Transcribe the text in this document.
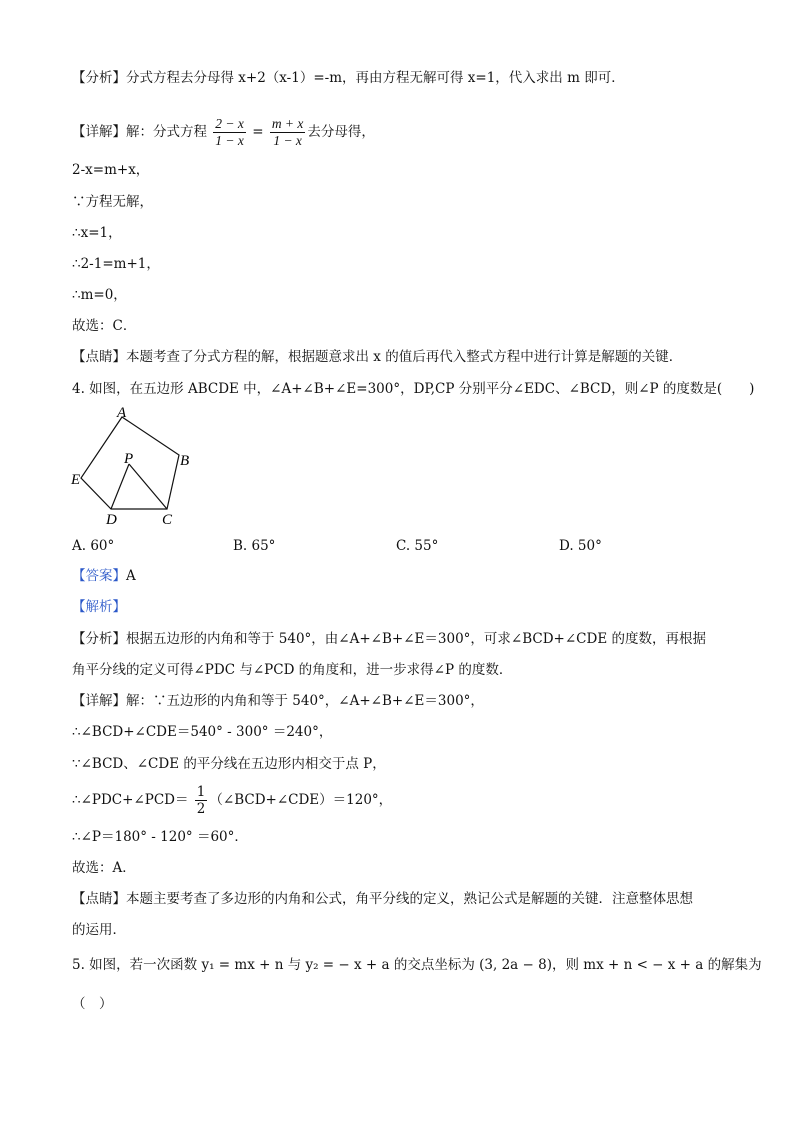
【分析】分式方程去分母得 x+2（x-1）=-m，再由方程无解可得 x=1，代入求出 m 即可．
【详解】解：分式方程 $\frac{2 - x}{1 - x} = \frac{m + x}{1 - x}$ 去分母得，
2-x=m+x，
∵方程无解，
∴x=1，
∴2-1=m+1，
∴m=0，
故选：C．
【点睛】本题考查了分式方程的解，根据题意求出 x 的值后再代入整式方程中进行计算是解题的关键．
4. 如图，在五边形 ABCDE 中，∠A+∠B+∠E=300°，DP,CP 分别平分∠EDC、∠BCD，则∠P 的度数是(　　)
A
B
C
D
E
P
A. 60°	B. 65°	C. 55°	D. 50°
【答案】A
【解析】
【分析】根据五边形的内角和等于 540°，由∠A+∠B+∠E＝300°，可求∠BCD+∠CDE 的度数，再根据
角平分线的定义可得∠PDC 与∠PCD 的角度和，进一步求得∠P 的度数．
【详解】解：∵五边形的内角和等于 540°，∠A+∠B+∠E＝300°，
∴∠BCD+∠CDE＝540° - 300° ＝240°，
∵∠BCD、∠CDE 的平分线在五边形内相交于点 P，
∴∠PDC+∠PCD＝ $\frac{1}{2}$ （∠BCD+∠CDE）＝120°，
∴∠P＝180° - 120° ＝60°．
故选：A．
【点睛】本题主要考查了多边形的内角和公式，角平分线的定义，熟记公式是解题的关键．注意整体思想
的运用．
5. 如图，若一次函数 y₁ = mx + n 与 y₂ = − x + a 的交点坐标为 (3, 2a − 8)，则 mx + n < − x + a 的解集为
（　）
